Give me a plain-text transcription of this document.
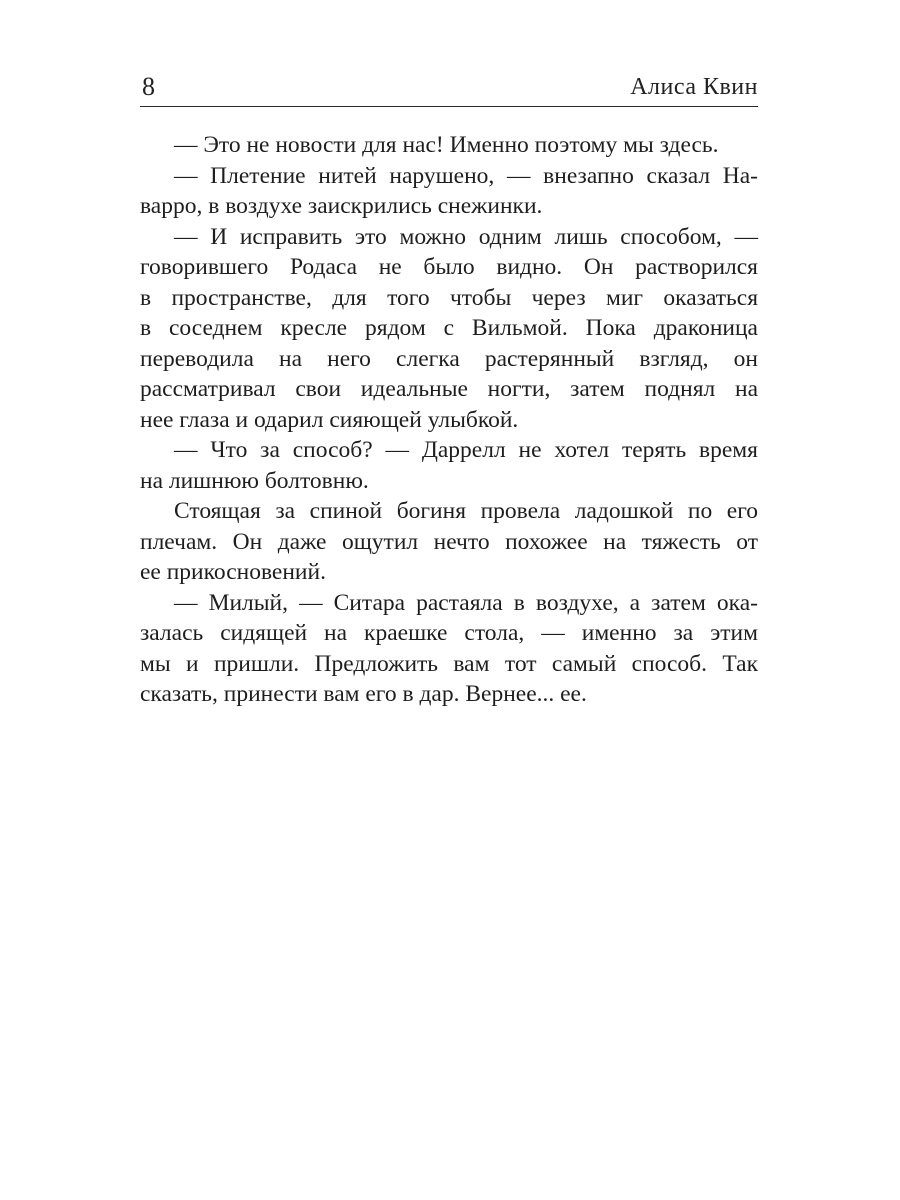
8	Алиса Квин
— Это не новости для нас! Именно поэтому мы здесь.
— Плетение нитей нарушено, — внезапно сказал На-
варро, в воздухе заискрились снежинки.
— И исправить это можно одним лишь способом, —
говорившего Родаса не было видно. Он растворился
в пространстве, для того чтобы через миг оказаться
в соседнем кресле рядом с Вильмой. Пока драконица
переводила на него слегка растерянный взгляд, он
рассматривал свои идеальные ногти, затем поднял на
нее глаза и одарил сияющей улыбкой.
— Что за способ? — Даррелл не хотел терять время
на лишнюю болтовню.
Стоящая за спиной богиня провела ладошкой по его
плечам. Он даже ощутил нечто похожее на тяжесть от
ее прикосновений.
— Милый, — Ситара растаяла в воздухе, а затем ока-
залась сидящей на краешке стола, — именно за этим
мы и пришли. Предложить вам тот самый способ. Так
сказать, принести вам его в дар. Вернее... ее.
